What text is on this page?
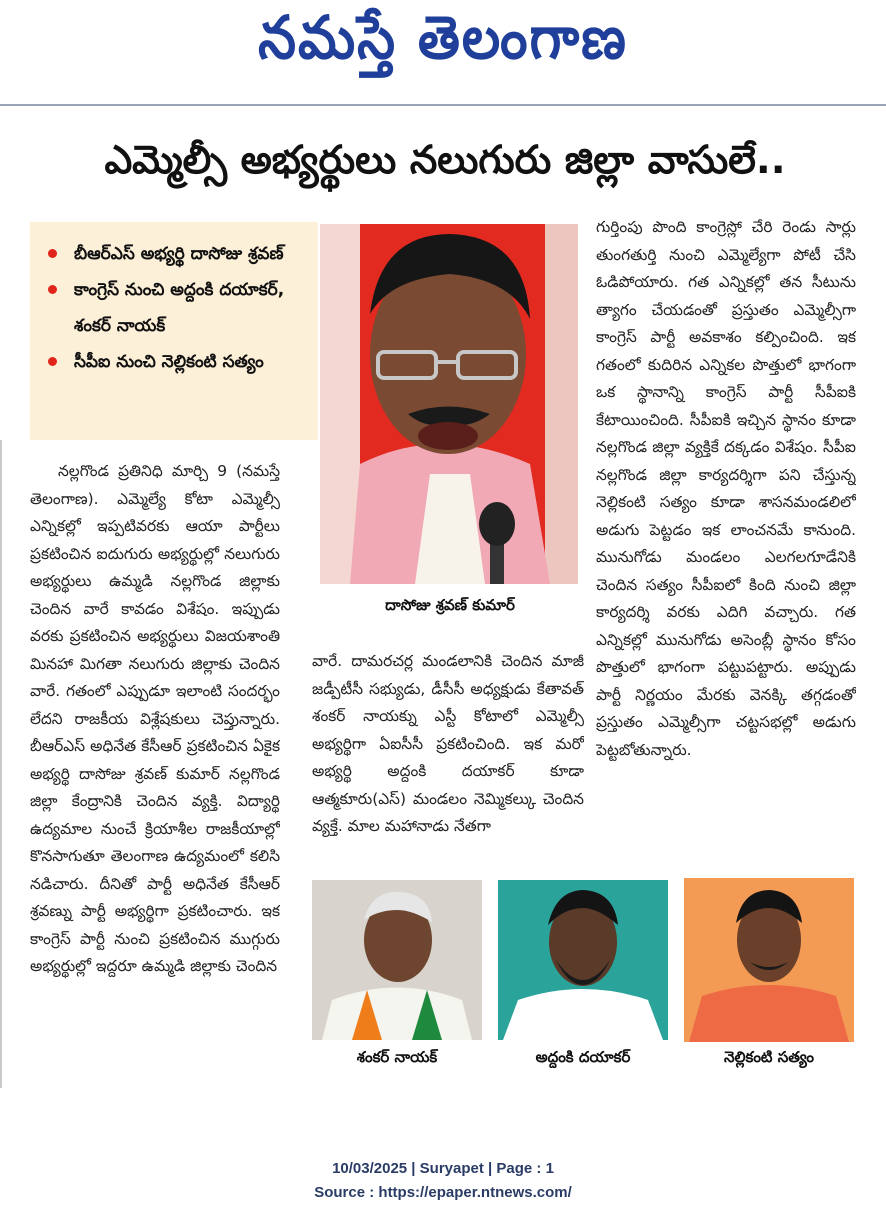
నమస్తే తెలంగాణ
ఎమ్మెల్సీ అభ్యర్థులు నలుగురు జిల్లా వాసులే..
బీఆర్ఎస్ అభ్యర్థి దాసోజు శ్రవణ్
కాంగ్రెస్ నుంచి అద్దంకి దయాకర్, శంకర్ నాయక్
సీపీఐ నుంచి నెల్లికంటి సత్యం
దాసోజు శ్రవణ్ కుమార్

నల్లగొండ ప్రతినిధి మార్చి 9 (నమస్తే తెలంగాణ). ఎమ్మెల్యే కోటా ఎమ్మెల్సీ ఎన్నికల్లో ఇప్పటివరకు ఆయా పార్టీలు ప్రకటించిన ఐదుగురు అభ్యర్థుల్లో నలుగురు అభ్యర్థులు ఉమ్మడి నల్లగొండ జిల్లాకు చెందిన వారే కావడం విశేషం. ఇప్పుడు వరకు ప్రకటించిన అభ్యర్థులు విజయశాంతి మినహా మిగతా నలుగురు జిల్లాకు చెందిన వారే. గతంలో ఎప్పుడూ ఇలాంటి సందర్భం లేదని రాజకీయ విశ్లేషకులు చెప్తున్నారు. బీఆర్ఎస్ అధినేత కేసీఆర్ ప్రకటించిన ఏకైక అభ్యర్థి దాసోజు శ్రవణ్ కుమార్ నల్లగొండ జిల్లా కేంద్రానికి చెందిన వ్యక్తి. విద్యార్థి ఉద్యమాల నుంచే క్రియాశీల రాజకీయాల్లో కొనసాగుతూ తెలంగాణ ఉద్యమంలో కలిసి నడిచారు. దీనితో పార్టీ అధినేత కేసీఆర్ శ్రవణ్ను పార్టీ అభ్యర్థిగా ప్రకటించారు. ఇక కాంగ్రెస్ పార్టీ నుంచి ప్రకటించిన ముగ్గురు అభ్యర్థుల్లో ఇద్దరూ ఉమ్మడి జిల్లాకు చెందిన

వారే. దామరచర్ల మండలానికి చెందిన మాజీ జడ్పీటీసీ సభ్యుడు, డీసీసీ అధ్యక్షుడు కేతావత్ శంకర్ నాయక్ను ఎస్టీ కోటాలో ఎమ్మెల్సీ అభ్యర్థిగా ఏఐసీసీ ప్రకటించింది. ఇక మరో అభ్యర్థి అద్దంకి దయాకర్ కూడా ఆత్మకూరు(ఎస్) మండలం నెమ్మికల్కు చెందిన వ్యక్తే. మాల మహానాడు నేతగా

గుర్తింపు పొంది కాంగ్రెస్లో చేరి రెండు సార్లు తుంగతుర్తి నుంచి ఎమ్మెల్యేగా పోటీ చేసి ఓడిపోయారు. గత ఎన్నికల్లో తన సీటును త్యాగం చేయడంతో ప్రస్తుతం ఎమ్మెల్సీగా కాంగ్రెస్ పార్టీ అవకాశం కల్పించింది. ఇక గతంలో కుదిరిన ఎన్నికల పొత్తులో భాగంగా ఒక స్థానాన్ని కాంగ్రెస్ పార్టీ సీపీఐకి కేటాయించింది. సీపీఐకి ఇచ్చిన స్థానం కూడా నల్లగొండ జిల్లా వ్యక్తికే దక్కడం విశేషం. సీపీఐ నల్లగొండ జిల్లా కార్యదర్శిగా పని చేస్తున్న నెల్లికంటి సత్యం కూడా శాసనమండలిలో అడుగు పెట్టడం ఇక లాంచనమే కానుంది. మునుగోడు మండలం ఎలగలగూడేనికి చెందిన సత్యం సీపీఐలో కింది నుంచి జిల్లా కార్యదర్శి వరకు ఎదిగి వచ్చారు. గత ఎన్నికల్లో మునుగోడు అసెంబ్లీ స్థానం కోసం పొత్తులో భాగంగా పట్టుపట్టారు. అప్పుడు పార్టీ నిర్ణయం మేరకు వెనక్కి తగ్గడంతో ప్రస్తుతం ఎమ్మెల్సీగా చట్టసభల్లో అడుగు పెట్టబోతున్నారు.

శంకర్ నాయక్	అద్దంకి దయాకర్	నెల్లికంటి సత్యం
10/03/2025 | Suryapet | Page : 1
Source : https://epaper.ntnews.com/
